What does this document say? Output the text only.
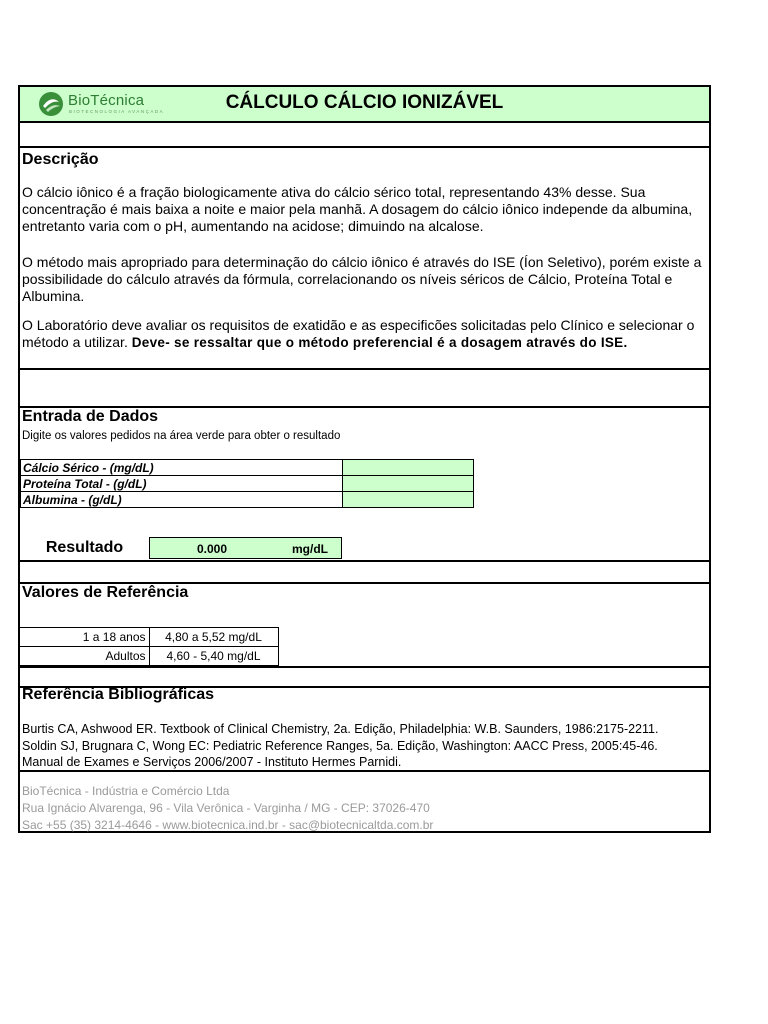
BioTécnica
BIOTECNOLOGIA AVANÇADA	CÁLCULO CÁLCIO IONIZÁVEL
Descrição
O cálcio iônico é a fração biologicamente ativa do cálcio sérico total, representando 43% desse. Sua concentração é mais baixa a noite e maior pela manhã. A dosagem do cálcio iônico independe da albumina, entretanto varia com o pH, aumentando na acidose; dimuindo na alcalose.
O método mais apropriado para determinação do cálcio iônico é através do ISE (Íon Seletivo), porém existe a possibilidade do cálculo através da fórmula, correlacionando os níveis séricos de Cálcio, Proteína Total e Albumina.
O Laboratório deve avaliar os requisitos de exatidão e as especificões solicitadas pelo Clínico e selecionar o método a utilizar. Deve- se ressaltar que o método preferencial é a dosagem através do ISE.
Entrada de Dados
Digite os valores pedidos na área verde para obter o resultado
Cálcio Sérico - (mg/dL)	
Proteína Total - (g/dL)	
Albumina - (g/dL)	
Resultado	0.000	mg/dL
Valores de Referência
1 a 18 anos	4,80 a 5,52 mg/dL
Adultos	4,60 - 5,40 mg/dL
Referência Bibliográficas
Burtis CA, Ashwood ER. Textbook of Clinical Chemistry, 2a. Edição, Philadelphia: W.B. Saunders, 1986:2175-2211.
Soldin SJ, Brugnara C, Wong EC: Pediatric Reference Ranges, 5a. Edição, Washington: AACC Press, 2005:45-46.
Manual de Exames e Serviços 2006/2007 - Instituto Hermes Parnidi.
BioTécnica - Indústria e Comércio Ltda
Rua Ignácio Alvarenga, 96 - Vila Verônica - Varginha / MG - CEP: 37026-470
Sac +55 (35) 3214-4646 - www.biotecnica.ind.br - sac@biotecnicaltda.com.br
